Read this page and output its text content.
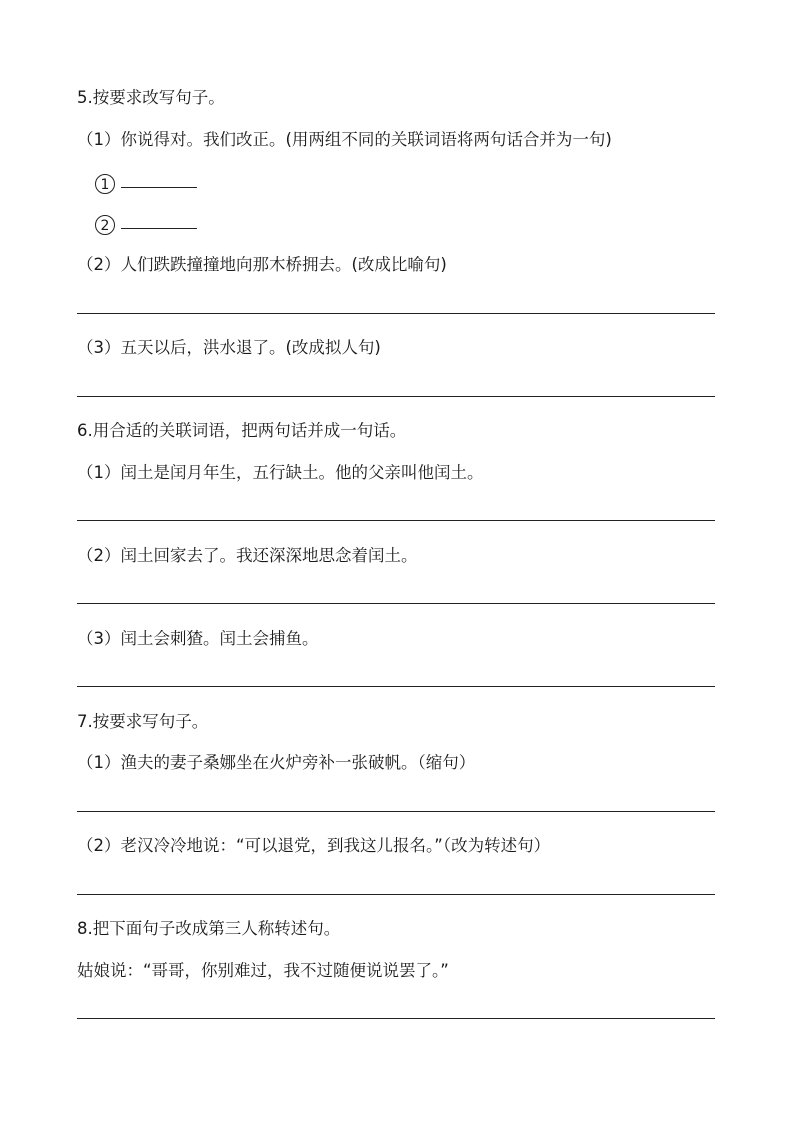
5.按要求改写句子。
（1）你说得对。我们改正。(用两组不同的关联词语将两句话合并为一句)
1
2
（2）人们跌跌撞撞地向那木桥拥去。(改成比喻句)
（3）五天以后，洪水退了。(改成拟人句)
6.用合适的关联词语，把两句话并成一句话。
（1）闰土是闰月年生，五行缺土。他的父亲叫他闰土。
（2）闰土回家去了。我还深深地思念着闰土。
（3）闰土会刺猹。闰土会捕鱼。
7.按要求写句子。
（1）渔夫的妻子桑娜坐在火炉旁补一张破帆。（缩句）
（2）老汉冷冷地说：“可以退党，到我这儿报名。”（改为转述句）
8.把下面句子改成第三人称转述句。
姑娘说：“哥哥，你别难过，我不过随便说说罢了。”
